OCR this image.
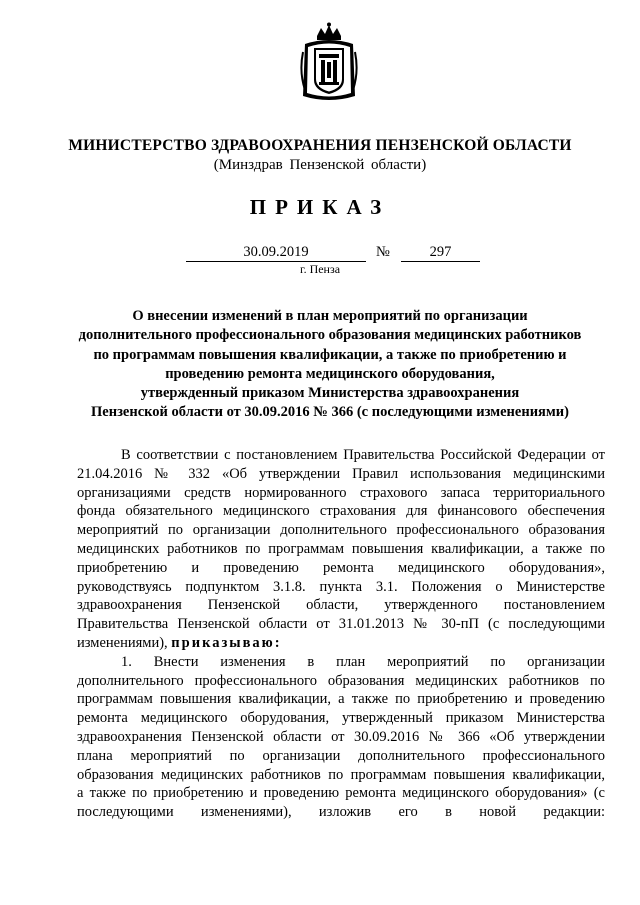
МИНИСТЕРСТВО ЗДРАВООХРАНЕНИЯ ПЕНЗЕНСКОЙ ОБЛАСТИ
(Минздрав Пензенской области)
ПРИКАЗ
30.09.2019	№	297
г. Пенза
О внесении изменений в план мероприятий по организации
дополнительного профессионального образования медицинских работников
по программам повышения квалификации, а также по приобретению и
проведению ремонта медицинского оборудования,
утвержденный приказом Министерства здравоохранения
Пензенской области от 30.09.2016 № 366 (с последующими изменениями)
В соответствии с постановлением Правительства Российской Федерации от
21.04.2016 № 332 «Об утверждении Правил использования медицинскими
организациями средств нормированного страхового запаса территориального
фонда обязательного медицинского страхования для финансового обеспечения
мероприятий по организации дополнительного профессионального образования
медицинских работников по программам повышения квалификации, а также по
приобретению и проведению ремонта медицинского оборудования»,
руководствуясь подпунктом 3.1.8. пункта 3.1. Положения о Министерстве
здравоохранения Пензенской области, утвержденного постановлением
Правительства Пензенской области от 31.01.2013 № 30-пП (с последующими
изменениями), приказываю:
1. Внести изменения в план мероприятий по организации
дополнительного профессионального образования медицинских работников по
программам повышения квалификации, а также по приобретению и проведению
ремонта медицинского оборудования, утвержденный приказом Министерства
здравоохранения Пензенской области от 30.09.2016 № 366 «Об утверждении
плана мероприятий по организации дополнительного профессионального
образования медицинских работников по программам повышения квалификации,
а также по приобретению и проведению ремонта медицинского оборудования» (с
последующими изменениями), изложив его в новой редакции:
